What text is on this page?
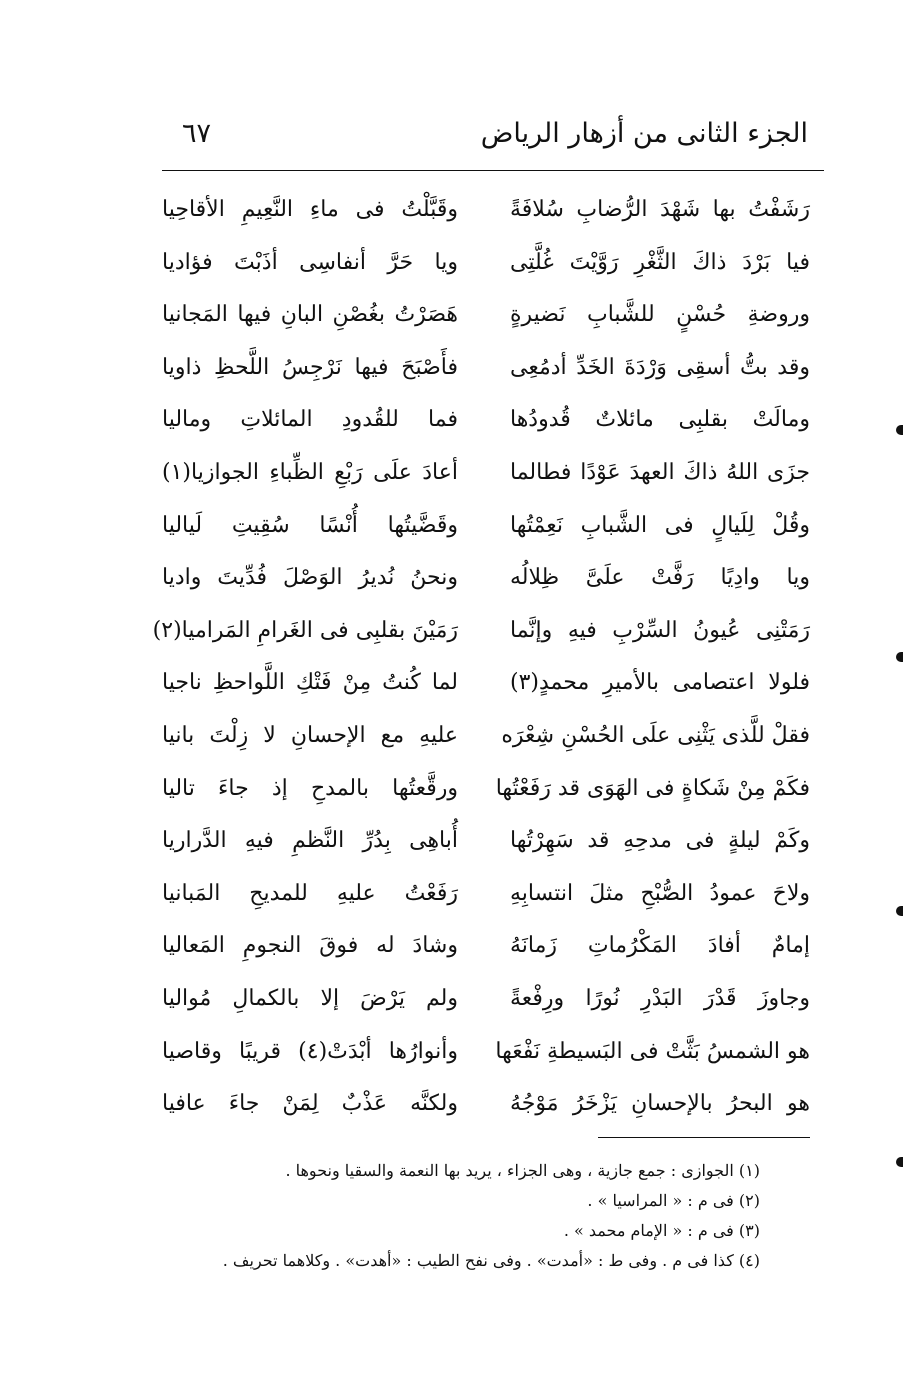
الجزء الثانى من أزهار الرياض
٦٧
رَشَفْتُ بها شَهْدَ الرُّضابِ سُلافَةً
وقَبَّلْتُ فى ماءِ النَّعِيمِ الأقاحِيا
فيا بَرْدَ ذاكَ الثَّغْرِ رَوَّيْتَ غُلَّتِى
ويا حَرَّ أنفاسِى أذَبْتَ فؤاديا
وروضةِ حُسْنٍ للشَّبابِ نَضيرةٍ
هَصَرْتُ بغُصْنِ البانِ فيها المَجانيا
وقد بتُّ أسقِى وَرْدَةَ الخَدِّ أدمُعِى
فأَصْبَحَ فيها نَرْجِسُ اللَّحظِ ذاويا
ومالَتْ بقلبِى مائلاتٌ قُدودُها
فما للقُدودِ المائلاتِ وماليا
جزَى اللهُ ذاكَ العهدَ عَوْدًا فطالما
أعادَ علَى رَبْعِ الظِّباءِ الجوازيا(١)
وقُلْ لِلَيالٍ فى الشَّبابِ نَعِمْتُها
وقَضَّيتُها أُنْسًا سُقِيتِ لَياليا
ويا وادِيًا رَفَّتْ علَىَّ ظِلالُه
ونحنُ نُديرُ الوَصْلَ فُدِّيتَ واديا
رَمَتْنِى عُيونُ السِّرْبِ فيهِ وإنَّما
رَمَيْنَ بقلبِى فى الغَرامِ المَراميا(٢)
فلولا اعتصامى بالأميرِ محمدٍ(٣)
لما كُنتُ مِنْ فَتْكِ اللَّواحظِ ناجيا
فقلْ للَّذى يَثْنِى علَى الحُسْنِ شِعْرَه
عليهِ مع الإحسانِ لا زِلْتَ بانيا
فكَمْ مِنْ شَكاةٍ فى الهَوَى قد رَفَعْتُها
ورقَّعتُها بالمدحِ إذ جاءَ تاليا
وكَمْ ليلةٍ فى مدحِهِ قد سَهِرْتُها
أُباهِى بِدُرِّ النَّظمِ فيهِ الدَّراريا
ولاحَ عمودُ الصُّبْحِ مثلَ انتسابِهِ
رَفَعْتُ عليهِ للمديحِ المَبانيا
إمامٌ أفادَ المَكْرُماتِ زَمانَهُ
وشادَ له فوقَ النجومِ المَعاليا
وجاوزَ قَدْرَ البَدْرِ نُورًا ورِفْعةً
ولم يَرْضَ إلا بالكمالِ مُواليا
هو الشمسُ بَثَّتْ فى البَسيطةِ نَفْعَها
وأنوارُها أبْدَتْ(٤) قريبًا وقاصيا
هو البحرُ بالإحسانِ يَزْخَرُ مَوْجُهُ
ولكنَّه عَذْبٌ لِمَنْ جاءَ عافيا
(١) الجوازى : جمع جازية ، وهى الجزاء ، يريد بها النعمة والسقيا ونحوها .
(٢) فى م : « المراسيا » .
(٣) فى م : « الإمام محمد » .
(٤) كذا فى م . وفى ط : «أمدت» . وفى نفح الطيب : «أهدت» . وكلاهما تحريف .
